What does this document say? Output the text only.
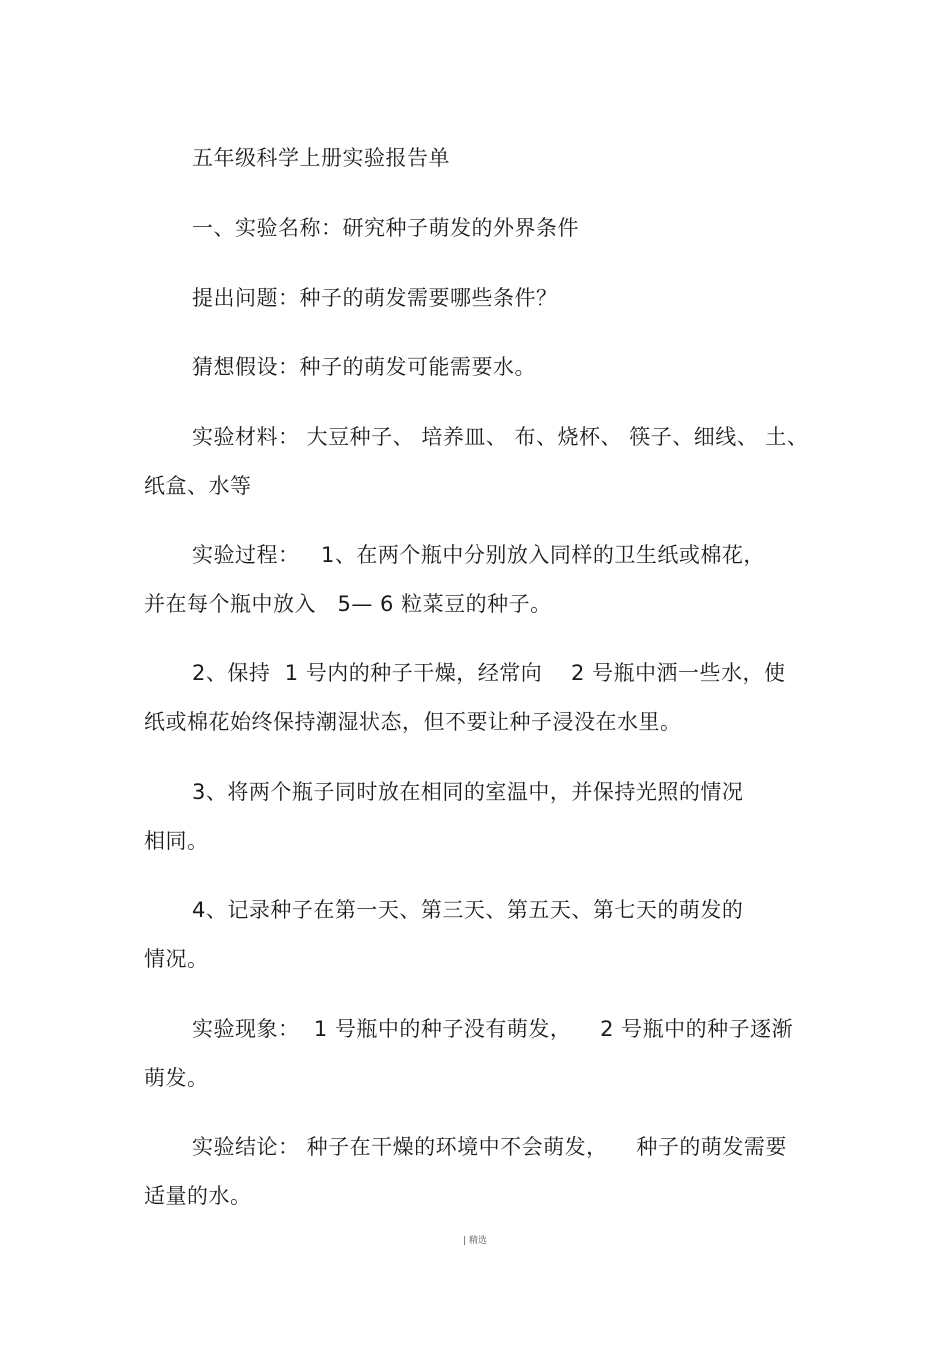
五年级科学上册实验报告单
一、实验名称：研究种子萌发的外界条件
提出问题：种子的萌发需要哪些条件？
猜想假设：种子的萌发可能需要水。
实验材料： 大豆种子、 培养皿、 布、烧杯、 筷子、细线、 土、
纸盒、水等
实验过程：   1、在两个瓶中分别放入同样的卫生纸或棉花，
并在每个瓶中放入   5— 6 粒菜豆的种子。
2、保持  1 号内的种子干燥，经常向    2 号瓶中洒一些水，使
纸或棉花始终保持潮湿状态，但不要让种子浸没在水里。
3、将两个瓶子同时放在相同的室温中，并保持光照的情况
相同。
4、记录种子在第一天、第三天、第五天、第七天的萌发的
情况。
实验现象：  1 号瓶中的种子没有萌发，    2 号瓶中的种子逐渐
萌发。
实验结论： 种子在干燥的环境中不会萌发，    种子的萌发需要
适量的水。
| 精选
